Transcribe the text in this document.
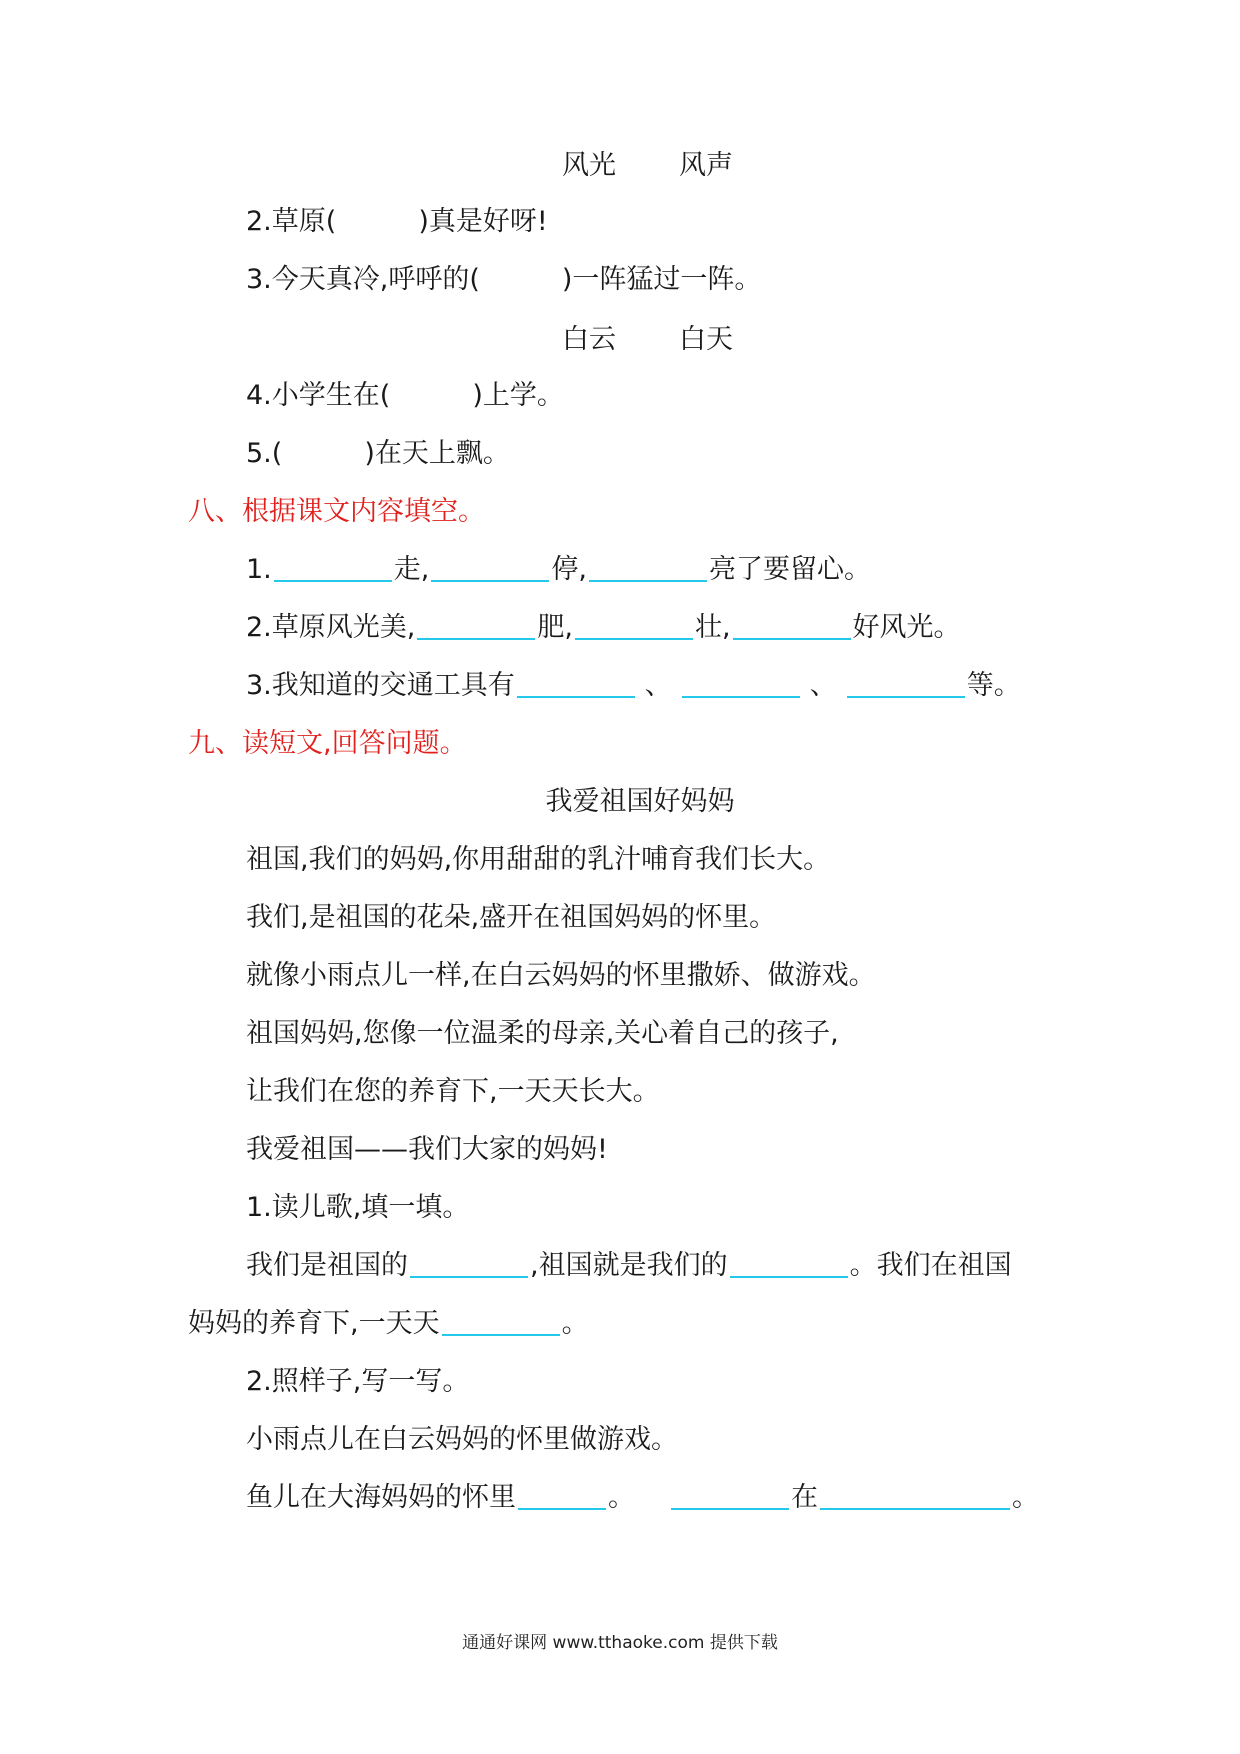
风光 风声
2.草原(	)真是好呀!
3.今天真冷,呼呼的(	)一阵猛过一阵。
白云 白天
4.小学生在(	)上学。
5.(	)在天上飘。
八、根据课文内容填空。
1.	走,	停,	亮了要留心。
2.草原风光美,	肥,	壮,	好风光。
3.我知道的交通工具有	、	、	等。
九、读短文,回答问题。
我爱祖国好妈妈
祖国,我们的妈妈,你用甜甜的乳汁哺育我们长大。
我们,是祖国的花朵,盛开在祖国妈妈的怀里。
就像小雨点儿一样,在白云妈妈的怀里撒娇、做游戏。
祖国妈妈,您像一位温柔的母亲,关心着自己的孩子,
让我们在您的养育下,一天天长大。
我爱祖国——我们大家的妈妈!
1.读儿歌,填一填。
我们是祖国的	,祖国就是我们的	。我们在祖国
妈妈的养育下,一天天	。
2.照样子,写一写。
小雨点儿在白云妈妈的怀里做游戏。
鱼儿在大海妈妈的怀里	。	在	。
通通好课网 www.tthaoke.com 提供下载
